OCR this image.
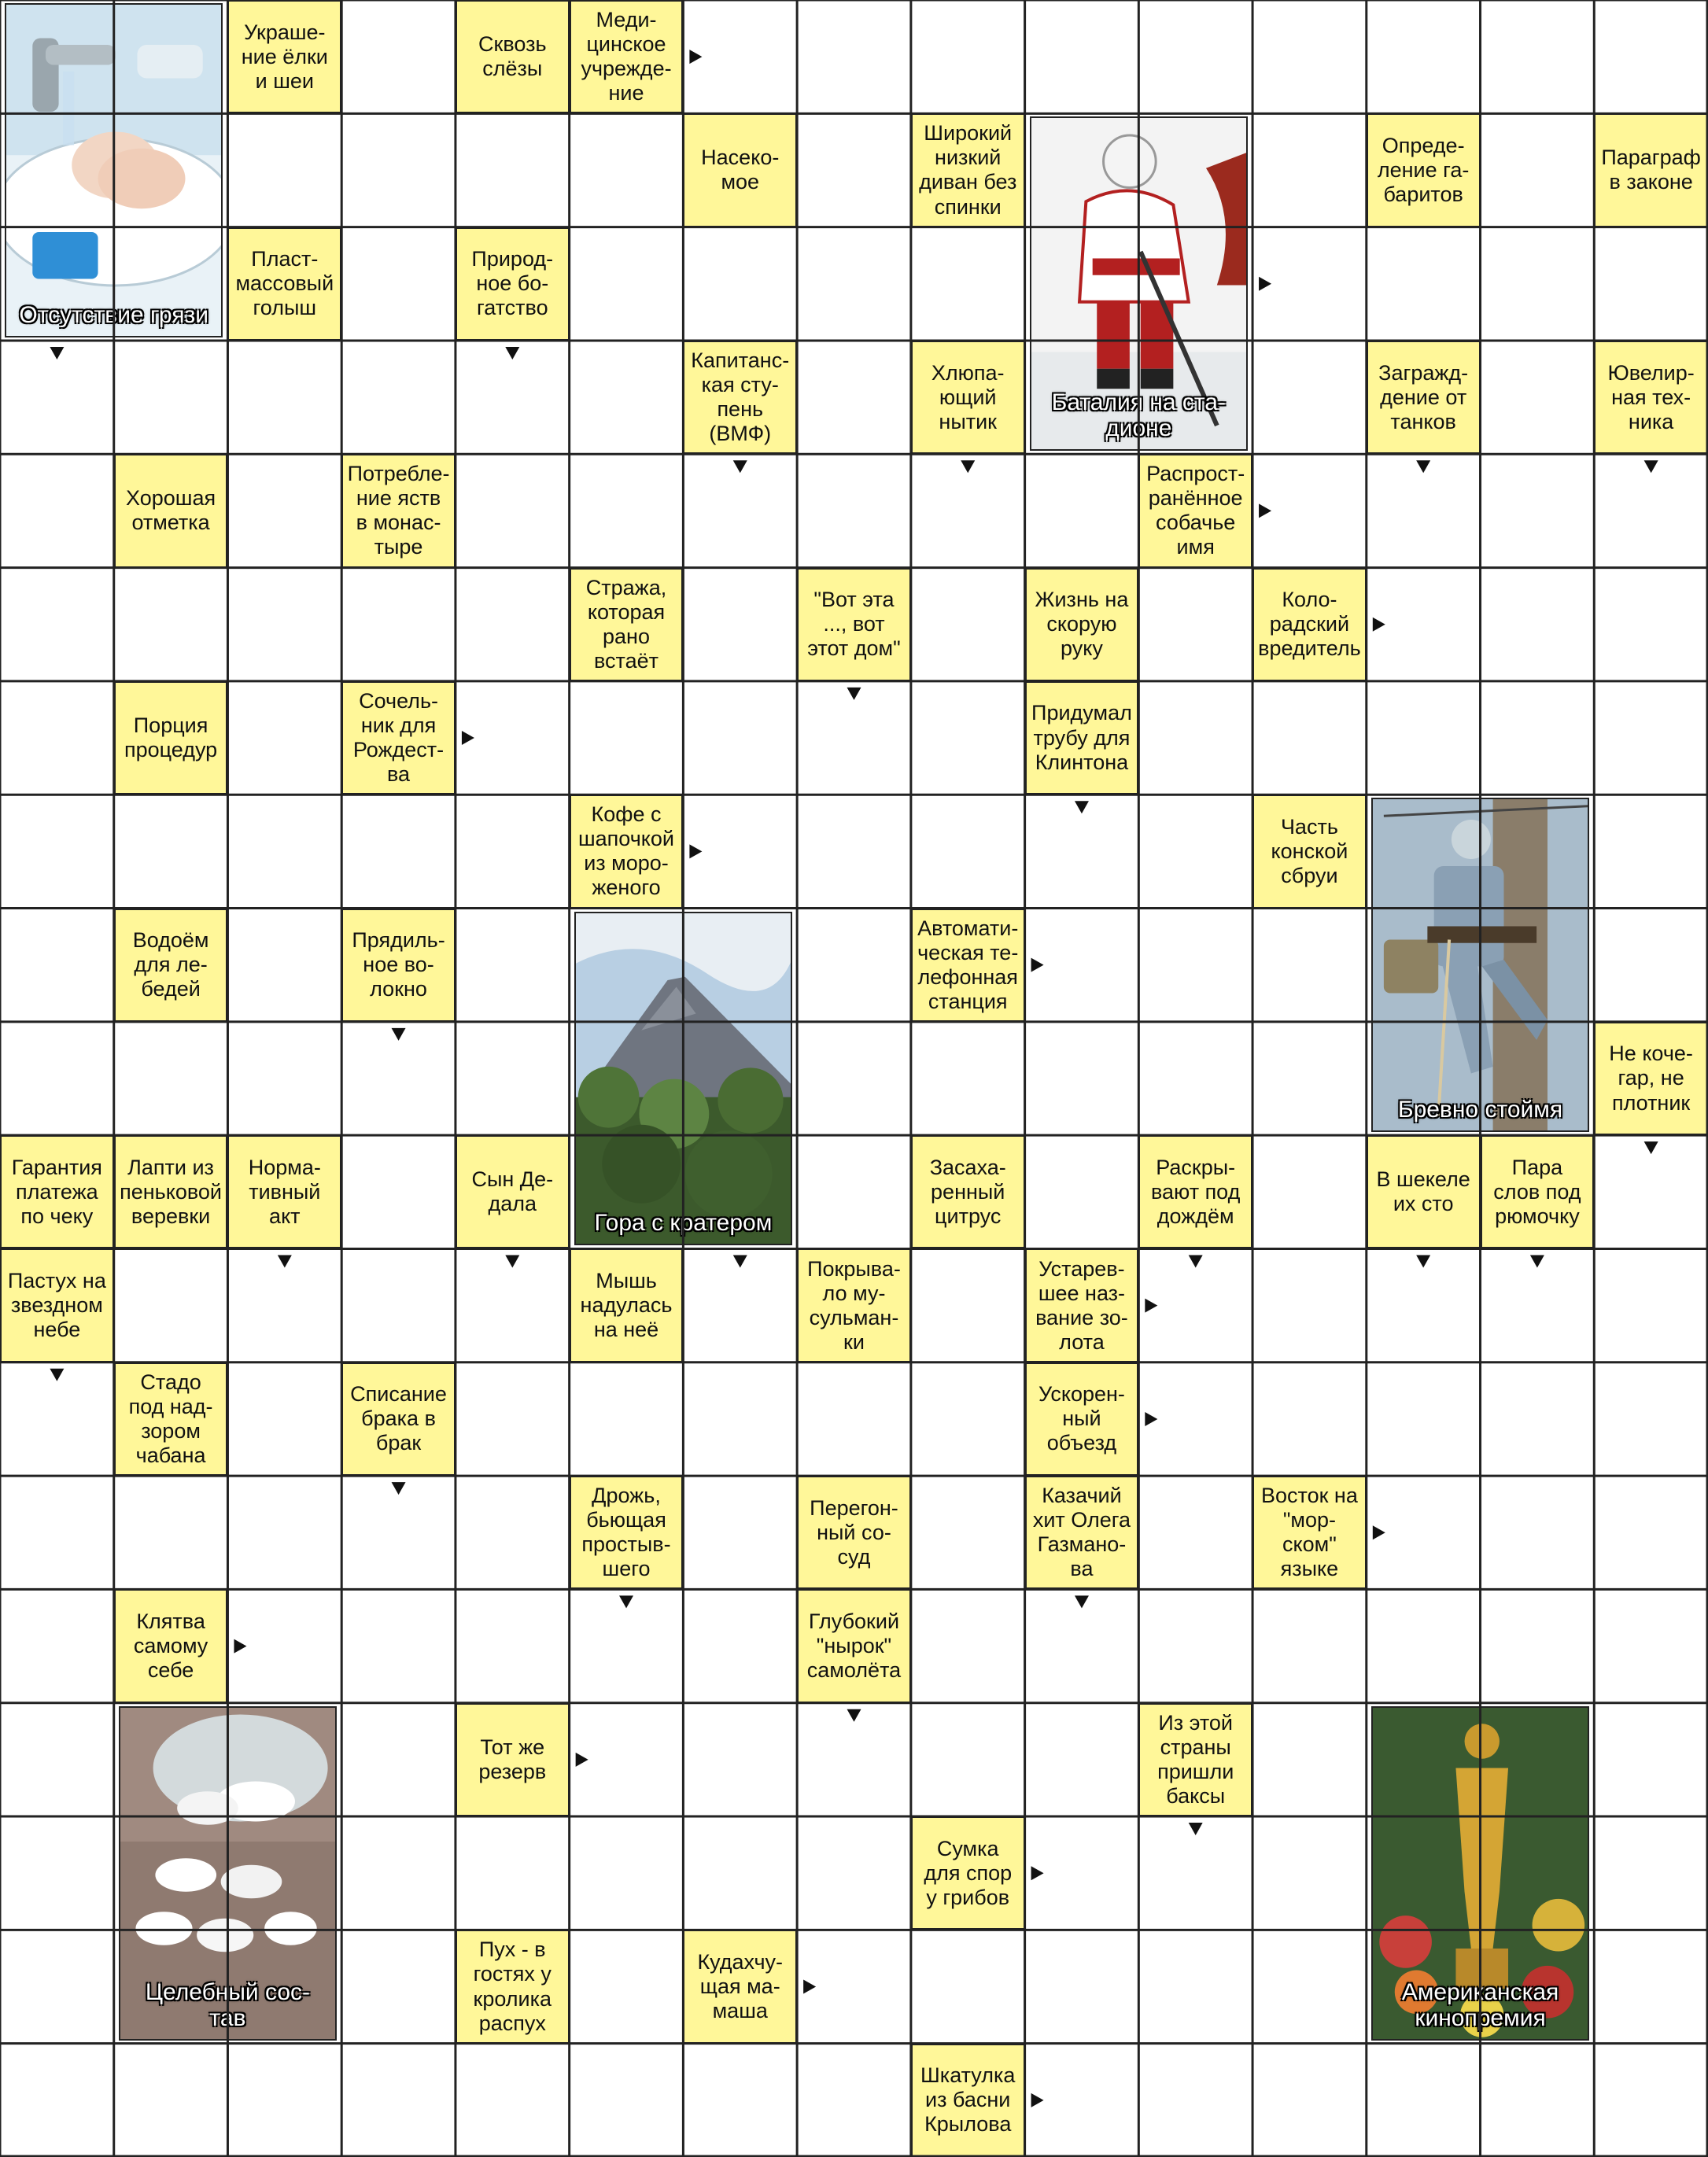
Украше-
ние ёлки
и шеи
Сквозь
слёзы
Меди-
цинское
учрежде-
ние
Насеко-
мое
Широкий
низкий
диван без
спинки
Опреде-
ление га-
баритов
Параграф
в законе
Пласт-
массовый
голыш
Природ-
ное бо-
гатство
Капитанс-
кая сту-
пень
(ВМФ)
Хлюпа-
ющий
нытик
Загражд-
дение от
танков
Ювелир-
ная тех-
ника
Хорошая
отметка
Потребле-
ние яств
в монас-
тыре
Распрост-
ранённое
собачье
имя
Стража,
которая
рано
встаёт
"Вот эта
..., вот
этот дом"
Жизнь на
скорую
руку
Коло-
радский
вредитель
Порция
процедур
Сочель-
ник для
Рождест-
ва
Придумал
трубу для
Клинтона
Кофе с
шапочкой
из моро-
женого
Часть
конской
сбруи
Водоём
для ле-
бедей
Прядиль-
ное во-
локно
Автомати-
ческая те-
лефонная
станция
Не коче-
гар, не
плотник
Гарантия
платежа
по чеку
Лапти из
пеньковой
веревки
Норма-
тивный
акт
Сын Де-
дала
Засаха-
ренный
цитрус
Раскры-
вают под
дождём
В шекеле
их сто
Пара
слов под
рюмочку
Пастух на
звездном
небе
Мышь
надулась
на неё
Покрыва-
ло му-
сульман-
ки
Устарев-
шее наз-
вание зо-
лота
Стадо
под над-
зором
чабана
Списание
брака в
брак
Ускорен-
ный
объезд
Дрожь,
бьющая
простыв-
шего
Перегон-
ный со-
суд
Казачий
хит Олега
Газмано-
ва
Восток на
"мор-
ском"
языке
Клятва
самому
себе
Глубокий
"нырок"
самолёта
Тот же
резерв
Из этой
страны
пришли
баксы
Сумка
для спор
у грибов
Пух - в
гостях у
кролика
распух
Кудахчу-
щая ма-
маша
Шкатулка
из басни
Крылова
Отсутствие грязи
Баталия на ста-
дионе
Бревно стоймя
Гора с кратером
Целебный сос-
тав
Американская
кинопремия
